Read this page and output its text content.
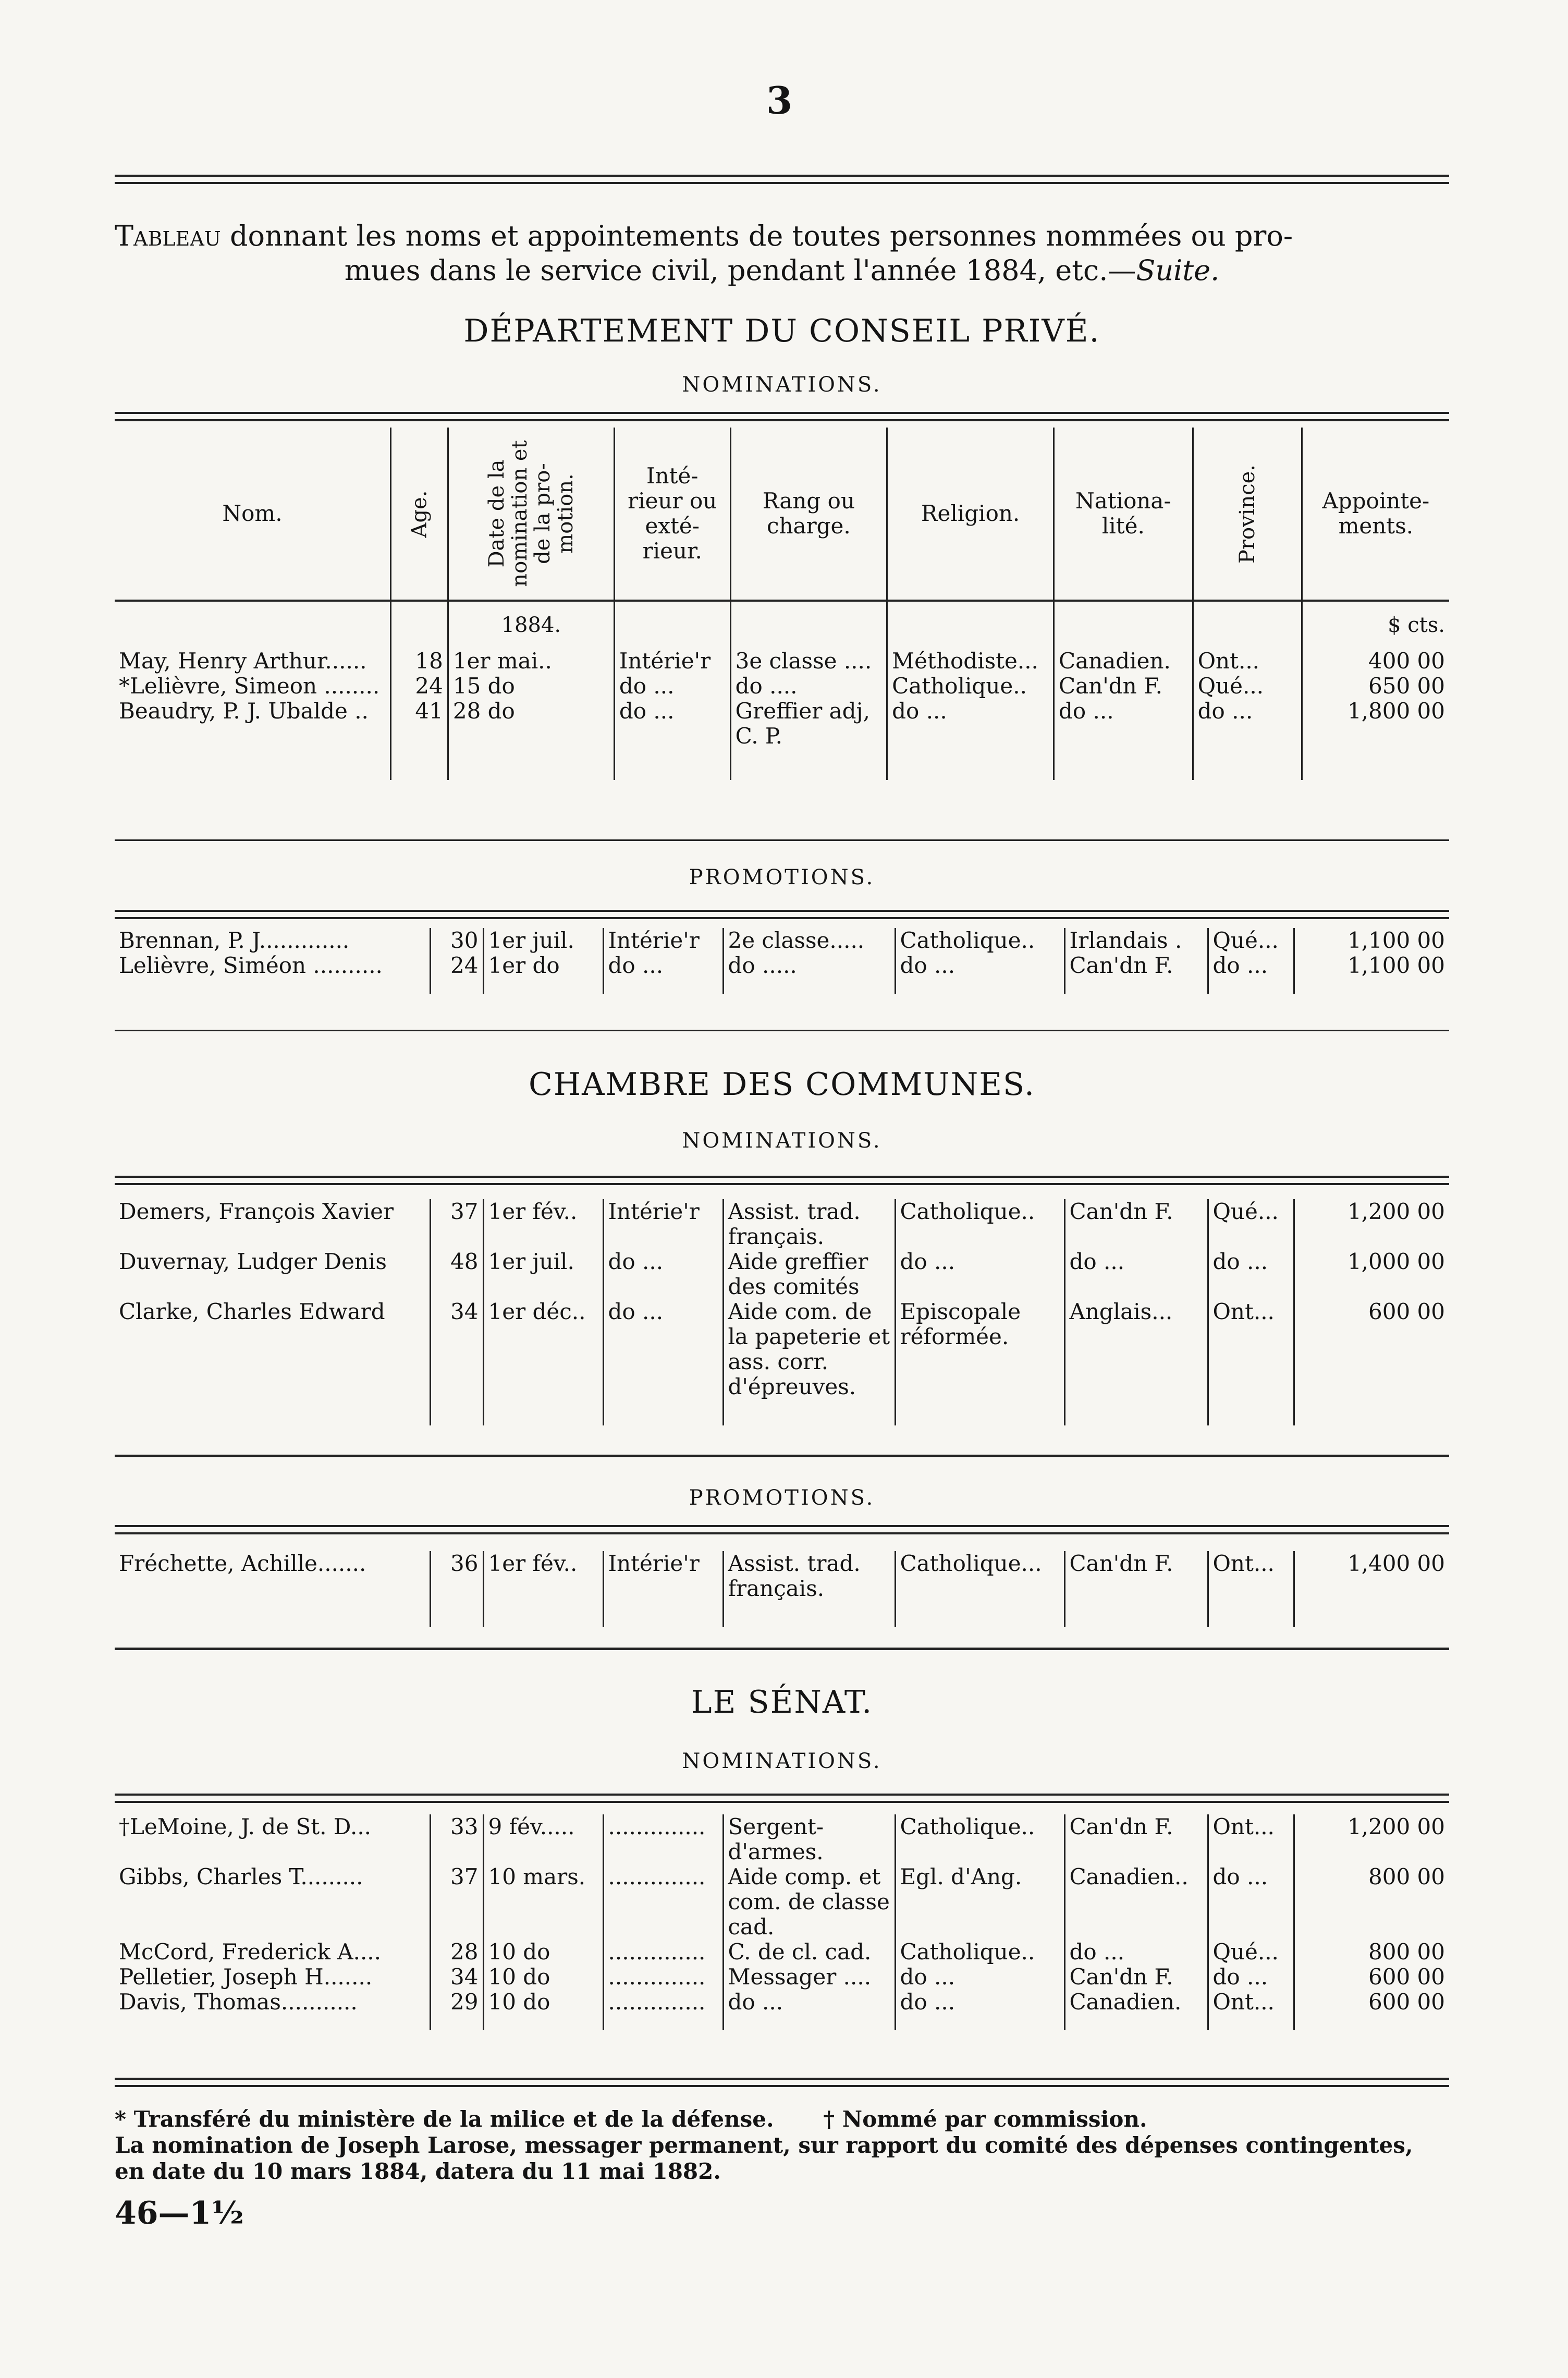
3
Tableau donnant les noms et appointements de toutes personnes nommées ou pro-
mues dans le service civil, pendant l'année 1884, etc.—Suite.
DÉPARTEMENT DU CONSEIL PRIVÉ.
NOMINATIONS.
Nom.	Age.	Date de la nomination et de la pro- motion.	Inté- rieur ou exté- rieur.	Rang ou charge.	Religion.	Nationa- lité.	Province.	Appointe- ments.
		1884.						$ cts.
May, Henry Arthur......	18	1er mai..	Intérie'r	3e classe ....	Méthodiste...	Canadien.	Ont...	400 00
*Lelièvre, Simeon ........	24	15 do	do ...	do ....	Catholique..	Can'dn F.	Qué...	650 00
Beaudry, P. J. Ubalde ..	41	28 do	do ...	Greffier adj, C. P.	do ...	do ...	do ...	1,800 00

PROMOTIONS.
Brennan, P. J.............	30	1er juil.	Intérie'r	2e classe.....	Catholique..	Irlandais .	Qué...	1,100 00
Lelièvre, Siméon ..........	24	1er do	do ...	do .....	do ...	Can'dn F.	do ...	1,100 00

CHAMBRE DES COMMUNES.
NOMINATIONS.
Demers, François Xavier	37	1er fév..	Intérie'r	Assist. trad. français.	Catholique..	Can'dn F.	Qué...	1,200 00
Duvernay, Ludger Denis	48	1er juil.	do ...	Aide greffier des comités	do ...	do ...	do ...	1,000 00
Clarke, Charles Edward	34	1er déc..	do ...	Aide com. de la papeterie et ass. corr. d'épreuves.	Episcopale réformée.	Anglais...	Ont...	600 00

PROMOTIONS.
Fréchette, Achille.......	36	1er fév..	Intérie'r	Assist. trad. français.	Catholique...	Can'dn F.	Ont...	1,400 00

LE SÉNAT.
NOMINATIONS.
†LeMoine, J. de St. D...	33	9 fév.....	..............	Sergent- d'armes.	Catholique..	Can'dn F.	Ont...	1,200 00
Gibbs, Charles T.........	37	10 mars.	..............	Aide comp. et com. de classe cad.	Egl. d'Ang.	Canadien..	do ...	800 00
McCord, Frederick A....	28	10 do	..............	C. de cl. cad.	Catholique..	do ...	Qué...	800 00
Pelletier, Joseph H.......	34	10 do	..............	Messager ....	do ...	Can'dn F.	do ...	600 00
Davis, Thomas...........	29	10 do	..............	do ...	do ...	Canadien.	Ont...	600 00

* Transféré du ministère de la milice et de la défense. † Nommé par commission.
La nomination de Joseph Larose, messager permanent, sur rapport du comité des dépenses contingentes, en date du 10 mars 1884, datera du 11 mai 1882.
46—1½
